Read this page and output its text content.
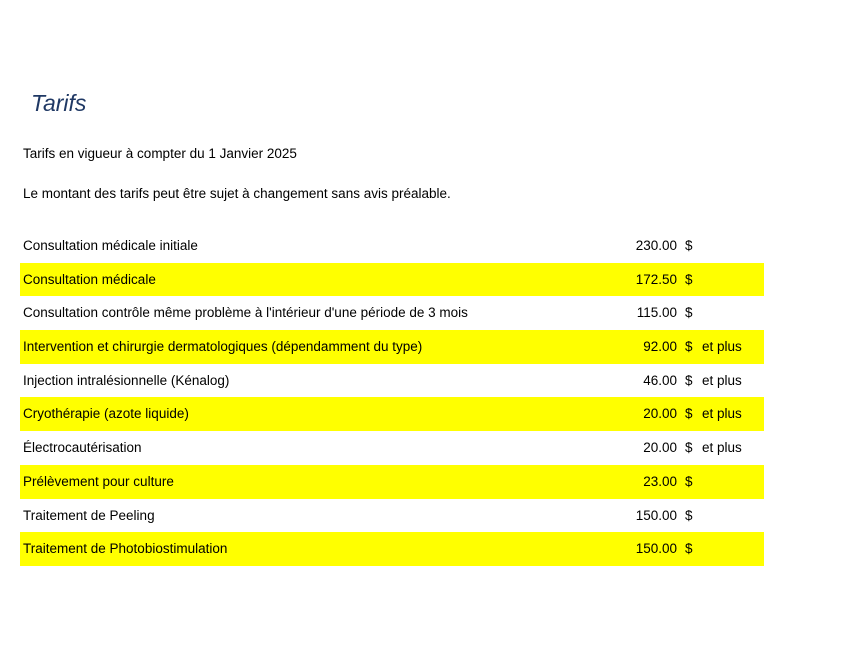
Tarifs

Tarifs en vigueur à compter du 1 Janvier 2025

Le montant des tarifs peut être sujet à changement sans avis préalable.

Consultation médicale initiale	230.00 $
Consultation médicale	172.50 $
Consultation contrôle même problème à l'intérieur d'une période de 3 mois	115.00 $
Intervention et chirurgie dermatologiques (dépendamment du type)	92.00 $ et plus
Injection intralésionnelle (Kénalog)	46.00 $ et plus
Cryothérapie (azote liquide)	20.00 $ et plus
Électrocautérisation	20.00 $ et plus
Prélèvement pour culture	23.00 $
Traitement de Peeling	150.00 $
Traitement de Photobiostimulation	150.00 $
